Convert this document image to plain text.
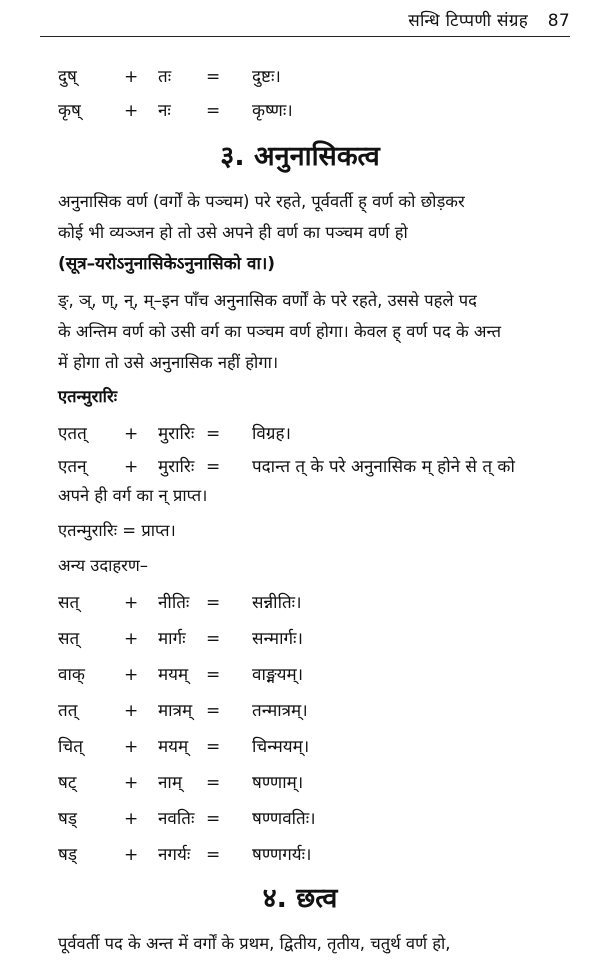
सन्धि टिप्पणी संग्रह 87
दुष्	+ तः = दुष्टः।
कृष्	+ नः = कृष्णः।
३. अनुनासिकत्व
अनुनासिक वर्ण (वर्गों के पञ्चम) परे रहते, पूर्ववर्ती ह् वर्ण को छोड़कर
कोई भी व्यञ्जन हो तो उसे अपने ही वर्ण का पञ्चम वर्ण हो
(सूत्र–यरोऽनुनासिकेऽनुनासिको वा।)
ङ्, ञ्, ण्, न्, म्–इन पाँच अनुनासिक वर्णों के परे रहते, उससे पहले पद
के अन्तिम वर्ण को उसी वर्ग का पञ्चम वर्ण होगा। केवल ह् वर्ण पद के अन्त
में होगा तो उसे अनुनासिक नहीं होगा।
एतन्मुरारिः
एतत् + मुरारिः = विग्रह।
एतन् + मुरारिः = पदान्त त् के परे अनुनासिक म् होने से त् को
अपने ही वर्ग का न् प्राप्त।
एतन्मुरारिः = प्राप्त।
अन्य उदाहरण–
सत्	+ नीतिः = सन्नीतिः।
सत्	+ मार्गः = सन्मार्गः।
वाक् + मयम् = वाङ्मयम्।
तत्	+ मात्रम् = तन्मात्रम्।
चित् + मयम् = चिन्मयम्।
षट्	+ नाम् = षण्णाम्।
षड्	+ नवतिः = षण्णवतिः।
षड्	+ नगर्यः = षण्णगर्यः।
४. छत्व
पूर्ववर्ती पद के अन्त में वर्गों के प्रथम, द्वितीय, तृतीय, चतुर्थ वर्ण हो,
